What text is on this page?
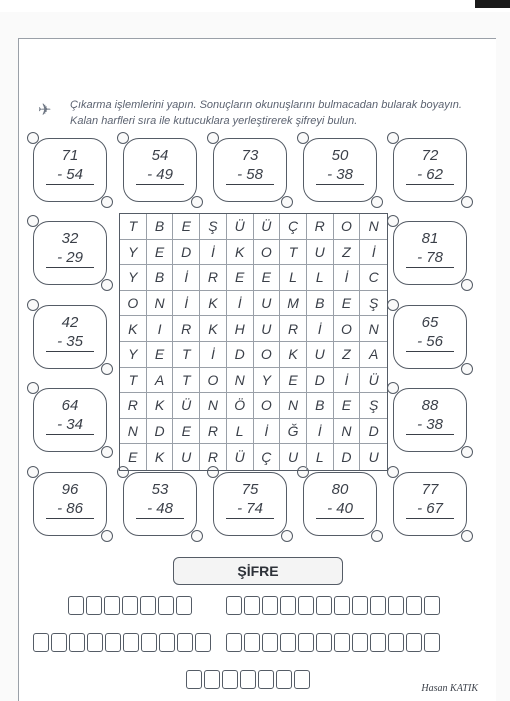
✈ Çıkarma işlemlerini yapın. Sonuçların okunuşlarını bulmacadan bularak boyayın. Kalan harfleri sıra ile kutucuklara yerleştirerek şifreyi bulun.
71
- 54
54
- 49
73
- 58
50
- 38
72
- 62
32
- 29
81
- 78
42
- 35
65
- 56
64
- 34
88
- 38
96
- 86
53
- 48
75
- 74
80
- 40
77
- 67
T	B	E	Ş	Ü	Ü	Ç	R	O	N
Y	E	D	İ	K	O	T	U	Z	İ
Y	B	İ	R	E	E	L	L	İ	C
O	N	İ	K	İ	U	M	B	E	Ş
K	I	R	K	H	U	R	İ	O	N
Y	E	T	İ	D	O	K	U	Z	A
T	A	T	O	N	Y	E	D	İ	Ü
R	K	Ü	N	Ö	O	N	B	E	Ş
N	D	E	R	L	İ	Ğ	İ	N	D
E	K	U	R	Ü	Ç	U	L	D	U
ŞİFRE
Hasan KATIK
